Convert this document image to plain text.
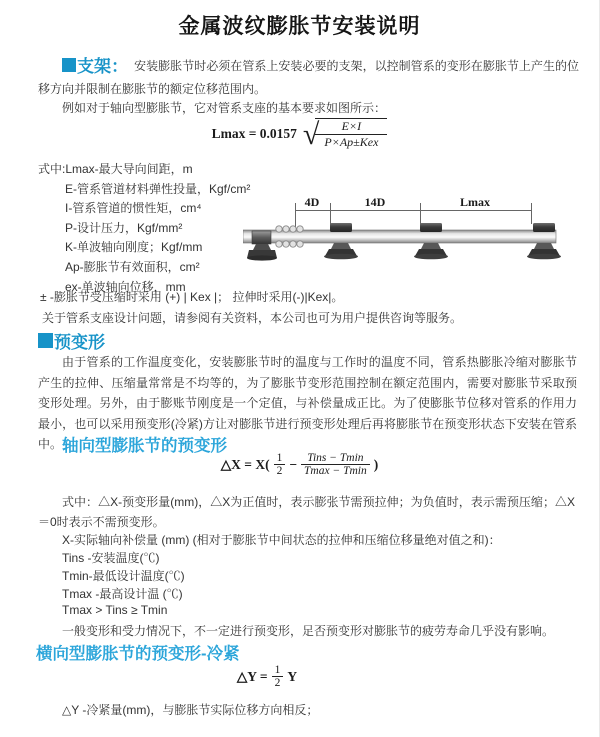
金属波纹膨胀节安装说明

支架： 安装膨胀节时必须在管系上安装必要的支架，以控制管系的变形在膨胀节上产生的位移方向并限制在膨胀节的额定位移范围内。

例如对于轴向型膨胀节，它对管系支座的基本要求如图所示：

Lmax = 0.0157 √	E×I
P×Ap±Kex
式中:Lmax-最大导向间距，m
E-管系管道材料弹性投量，Kgf/cm²
I-管系管道的惯性矩，cm⁴
P-设计压力，Kgf/mm²
K-单波轴向刚度；Kgf/mm
Ap-膨胀节有效面积，cm²
ex-单波轴向位移，mm
4D	14D	Lmax

± -膨胀节受压缩时采用 (+) | Kex |； 拉伸时采用(-)|Kex|。

关于管系支座设计问题，请参阅有关资料，本公司也可为用户提供咨询等服务。

预变形

由于管系的工作温度变化，安装膨胀节时的温度与工作时的温度不同，管系热膨胀冷缩对膨胀节产生的拉伸、压缩量常常是不均等的，为了膨胀节变形范围控制在额定范围内，需要对膨胀节采取预变形处理。另外，由于膨账节刚度是一个定值，与补偿量成正比。为了使膨胀节位移对管系的作用力最小，也可以采用预变形(冷紧)方让对膨胀节进行预变形处理后再将膨胀节在预变形状态下安装在管系中。 轴向型膨胀节的预变形
△X = $X( \frac{1}{2} - \frac{\text{Tins − Tmin}}{Tmax - Tmin}$ )

式中：△X-预变形量(mm)，△X为正值时，表示膨张节需预拉伸；为负值时，表示需预压缩；△X＝0时表示不需预变形。

X-实际轴向补偿量 (mm) (相对于膨胀节中间状态的拉伸和压缩位移量绝对值之和)：

Tins -安装温度(℃)

Tmin-最低设计温度(℃)

Tmax -最高设计温 (℃)

Tmax > Tins ≥ Tmin

一般变形和受力情况下，不一定进行预变形，足否预变形对膨胀节的疲劳寿命几乎没有影响。

横向型膨胀节的预变形-冷紧
△Y = $\frac{1}{2}$ Y

△Y -冷紧量(mm)，与膨胀节实际位移方向相反；
